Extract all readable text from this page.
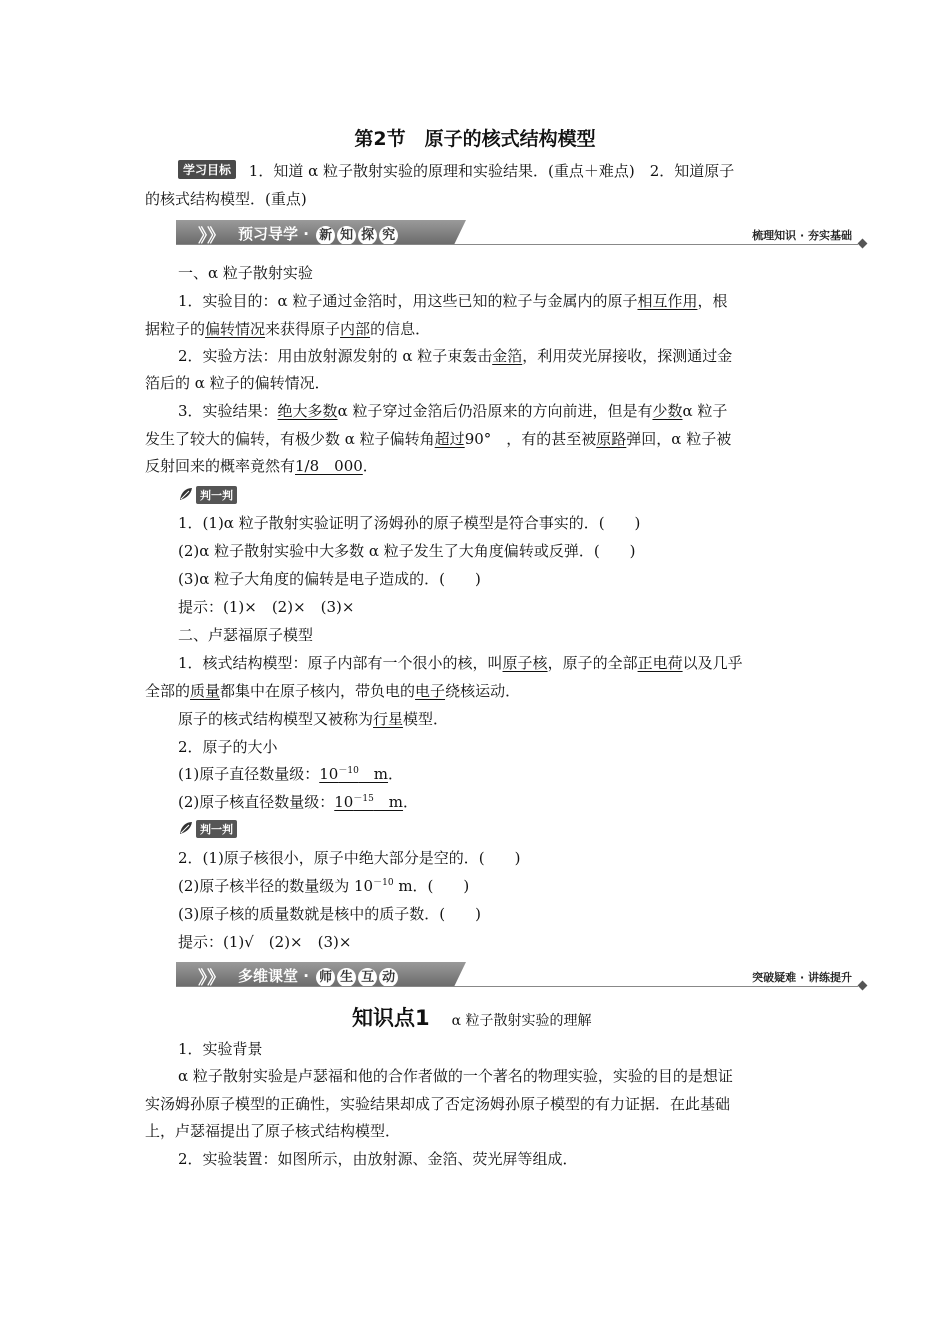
第2节　原子的核式结构模型
学习目标 1．知道 α 粒子散射实验的原理和实验结果．(重点＋难点)　2．知道原子
的核式结构模型．(重点)
》》 预习导学 · 新 知 探 究	梳理知识 · 夯实基础
一、α 粒子散射实验
1．实验目的：α 粒子通过金箔时，用这些已知的粒子与金属内的原子相互作用，根
据粒子的偏转情况来获得原子内部的信息．
2．实验方法：用由放射源发射的 α 粒子束轰击金箔，利用荧光屏接收，探测通过金
箔后的 α 粒子的偏转情况．
3．实验结果：绝大多数α 粒子穿过金箔后仍沿原来的方向前进，但是有少数α 粒子
发生了较大的偏转，有极少数 α 粒子偏转角超过90°　，有的甚至被原路弹回，α 粒子被
反射回来的概率竟然有1/8　000．
判一判
1．(1)α 粒子散射实验证明了汤姆孙的原子模型是符合事实的．(　　)
(2)α 粒子散射实验中大多数 α 粒子发生了大角度偏转或反弹．(　　)
(3)α 粒子大角度的偏转是电子造成的．(　　)
提示：(1)×　(2)×　(3)×
二、卢瑟福原子模型
1．核式结构模型：原子内部有一个很小的核，叫原子核，原子的全部正电荷以及几乎
全部的质量都集中在原子核内，带负电的电子绕核运动．
原子的核式结构模型又被称为行星模型．
2．原子的大小
(1)原子直径数量级：$10^{-10}$　m．
(2)原子核直径数量级：$10^{-15}$　m．
判一判
2．(1)原子核很小，原子中绝大部分是空的．(　　)
(2)原子核半径的数量级为 $10^{-10}$ m．(　　)
(3)原子核的质量数就是核中的质子数．(　　)
提示：(1)√　(2)×　(3)×
》》 多维课堂 · 师 生 互 动	突破疑难 · 讲练提升
知识点1 α 粒子散射实验的理解
1．实验背景
α 粒子散射实验是卢瑟福和他的合作者做的一个著名的物理实验，实验的目的是想证
实汤姆孙原子模型的正确性，实验结果却成了否定汤姆孙原子模型的有力证据．在此基础
上，卢瑟福提出了原子核式结构模型．
2．实验装置：如图所示，由放射源、金箔、荧光屏等组成．
